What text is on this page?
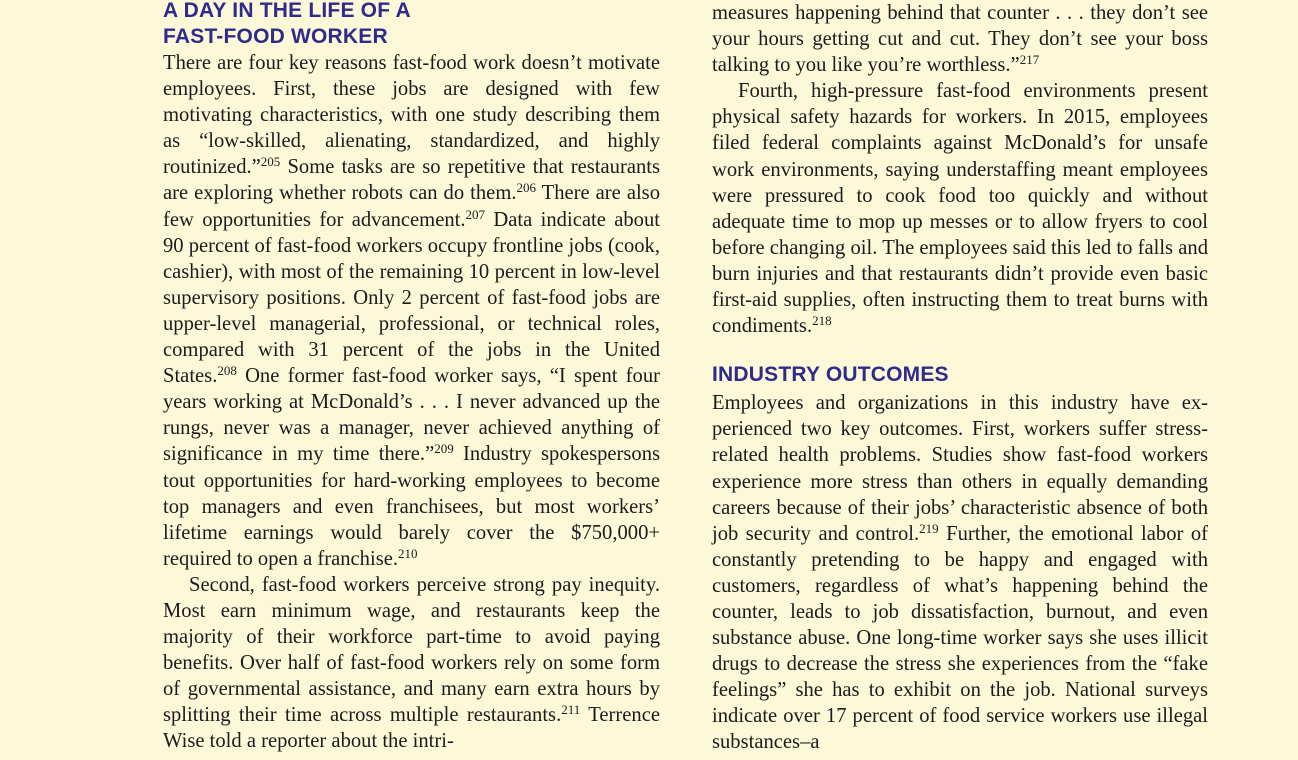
A DAY IN THE LIFE OF A
FAST-FOOD WORKER

There are four key reasons fast-food work doesn’t motivate employees. First, these jobs are designed with few motivating characteristics, with one study describing them as “low-skilled, alienating, standardized, and highly routinized.”$^{205}$ Some tasks are so repetitive that restaurants are exploring whether robots can do them.$^{206}$ There are also few opportunities for advancement.$^{207}$ Data indicate about 90 percent of fast-food workers occupy frontline jobs (cook, cashier), with most of the remaining 10 percent in low-level supervisory positions. Only 2 percent of fast-food jobs are upper-level managerial, professional, or technical roles, compared with 31 percent of the jobs in the United States.$^{208}$ One former fast-food worker says, “I spent four years working at McDonald’s . . . I never advanced up the rungs, never was a manager, never achieved anything of significance in my time there.”$^{209}$ Industry spokespersons tout opportunities for hard-working employees to become top managers and even franchisees, but most workers’ lifetime earnings would barely cover the $750,000+ required to open a franchise.$^{210}$

Second, fast-food workers perceive strong pay inequity. Most earn minimum wage, and restaurants keep the majority of their workforce part-time to avoid paying benefits. Over half of fast-food workers rely on some form of governmental assistance, and many earn extra hours by splitting their time across multiple restaurants.$^{211}$ Terrence Wise told a reporter about the intri-

measures happening behind that counter . . . they don’t see your hours getting cut and cut. They don’t see your boss talking to you like you’re worthless.”$^{217}$

Fourth, high-pressure fast-food environments present physical safety hazards for workers. In 2015, employees filed federal complaints against McDonald’s for unsafe work environments, saying understaffing meant employees were pressured to cook food too quickly and without adequate time to mop up messes or to allow fryers to cool before changing oil. The employees said this led to falls and burn injuries and that restaurants didn’t provide even basic first-aid supplies, often instructing them to treat burns with condiments.$^{218}$

INDUSTRY OUTCOMES

Employees and organizations in this industry have experienced two key outcomes. First, workers suffer stress-related health problems. Studies show fast-food workers experience more stress than others in equally demanding careers because of their jobs’ characteristic absence of both job security and control.$^{219}$ Further, the emotional labor of constantly pretending to be happy and engaged with customers, regardless of what’s happening behind the counter, leads to job dissatisfaction, burnout, and even substance abuse. One long-time worker says she uses illicit drugs to decrease the stress she experiences from the “fake feelings” she has to exhibit on the job. National surveys indicate over 17 percent of food service workers use illegal substances–a
